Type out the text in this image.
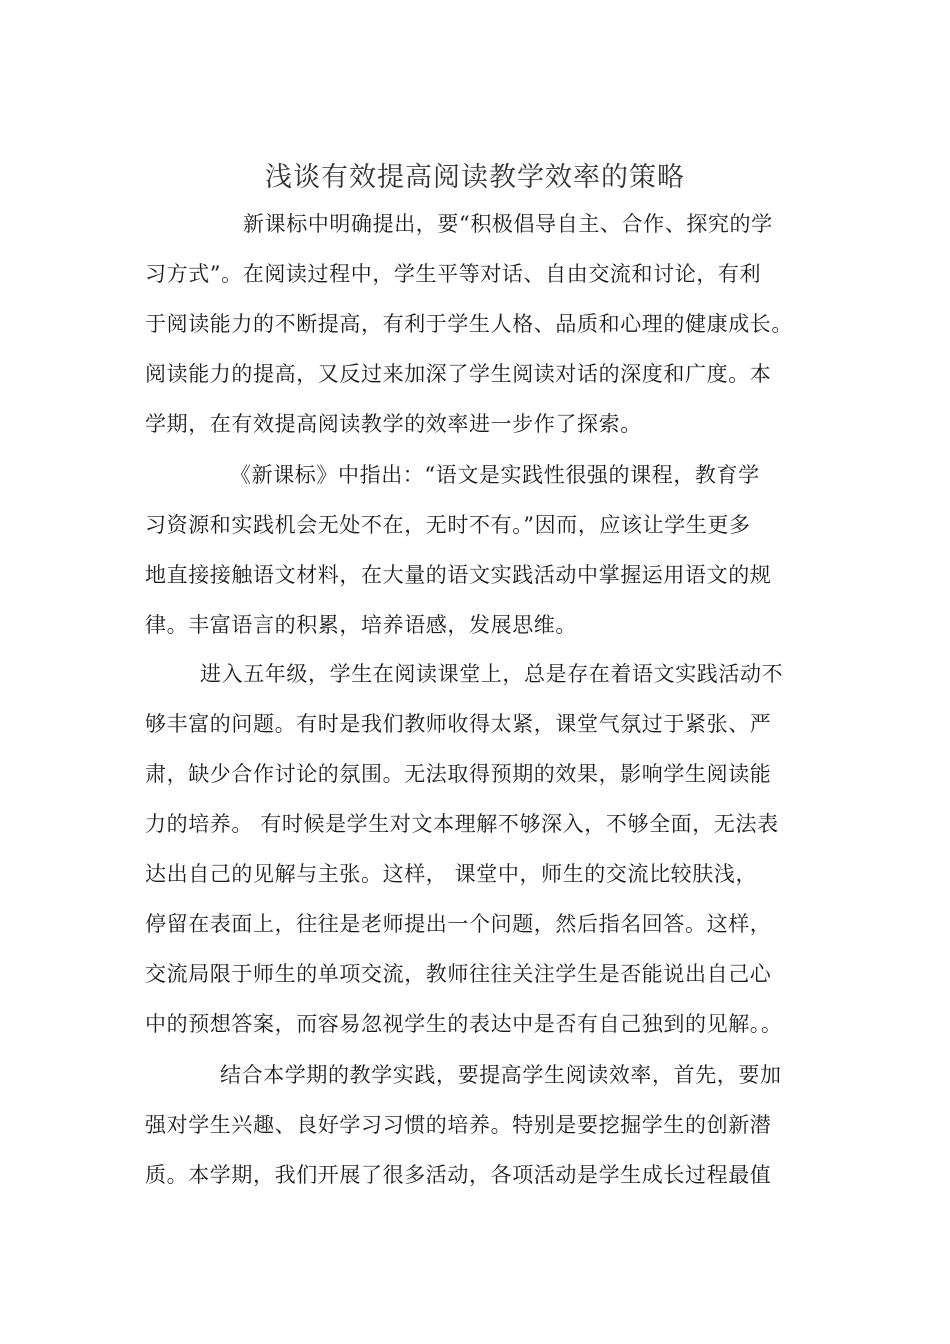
浅谈有效提高阅读教学效率的策略
新课标中明确提出，要“积极倡导自主、合作、探究的学
习方式”。在阅读过程中，学生平等对话、自由交流和讨论，有利
于阅读能力的不断提高，有利于学生人格、品质和心理的健康成长。
阅读能力的提高，又反过来加深了学生阅读对话的深度和广度。本
学期，在有效提高阅读教学的效率进一步作了探索。
《新课标》中指出：“语文是实践性很强的课程，教育学
习资源和实践机会无处不在，无时不有。”因而，应该让学生更多
地直接接触语文材料，在大量的语文实践活动中掌握运用语文的规
律。丰富语言的积累，培养语感，发展思维。
进入五年级，学生在阅读课堂上，总是存在着语文实践活动不
够丰富的问题。有时是我们教师收得太紧，课堂气氛过于紧张、严
肃，缺少合作讨论的氛围。无法取得预期的效果，影响学生阅读能
力的培养。 有时候是学生对文本理解不够深入，不够全面，无法表
达出自己的见解与主张。这样， 课堂中，师生的交流比较肤浅，
停留在表面上，往往是老师提出一个问题，然后指名回答。这样，
交流局限于师生的单项交流，教师往往关注学生是否能说出自己心
中的预想答案，而容易忽视学生的表达中是否有自己独到的见解。。
结合本学期的教学实践，要提高学生阅读效率，首先，要加
强对学生兴趣、良好学习习惯的培养。特别是要挖掘学生的创新潜
质。本学期，我们开展了很多活动，各项活动是学生成长过程最值
